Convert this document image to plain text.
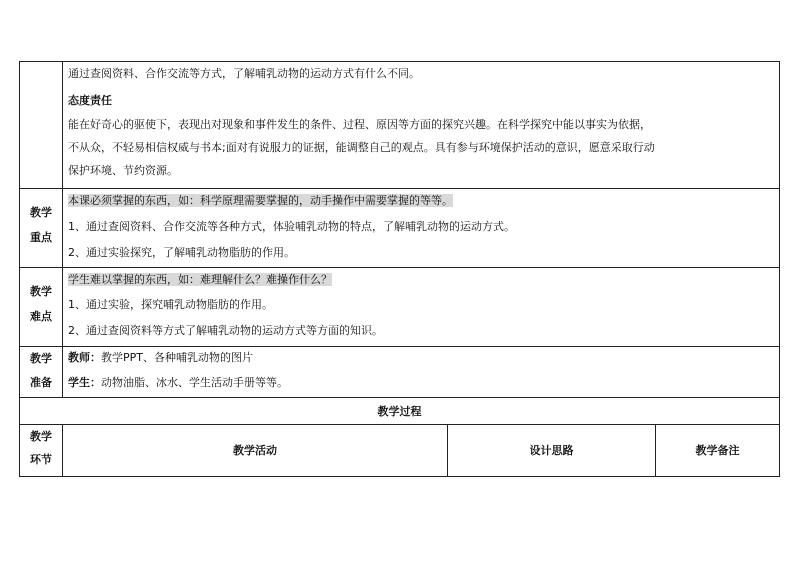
通过查阅资料、合作交流等方式，了解哺乳动物的运动方式有什么不同。
态度责任
能在好奇心的驱使下，表现出对现象和事件发生的条件、过程、原因等方面的探究兴趣。在科学探究中能以事实为依据，
不从众，不轻易相信权威与书本;面对有说服力的证据，能调整自己的观点。具有参与环境保护活动的意识，愿意采取行动
保护环境、节约资源。
教学
重点
本课必须掌握的东西，如：科学原理需要掌握的，动手操作中需要掌握的等等。
1、通过查阅资料、合作交流等各种方式，体验哺乳动物的特点，了解哺乳动物的运动方式。
2、通过实验探究，了解哺乳动物脂肪的作用。
教学
难点
学生难以掌握的东西，如：难理解什么？难操作什么？
1、通过实验，探究哺乳动物脂肪的作用。
2、通过查阅资料等方式了解哺乳动物的运动方式等方面的知识。
教学
准备
教师：教学PPT、各种哺乳动物的图片
学生：动物油脂、冰水、学生活动手册等等。
教学过程
教学
环节
教学活动	设计思路	教学备注
